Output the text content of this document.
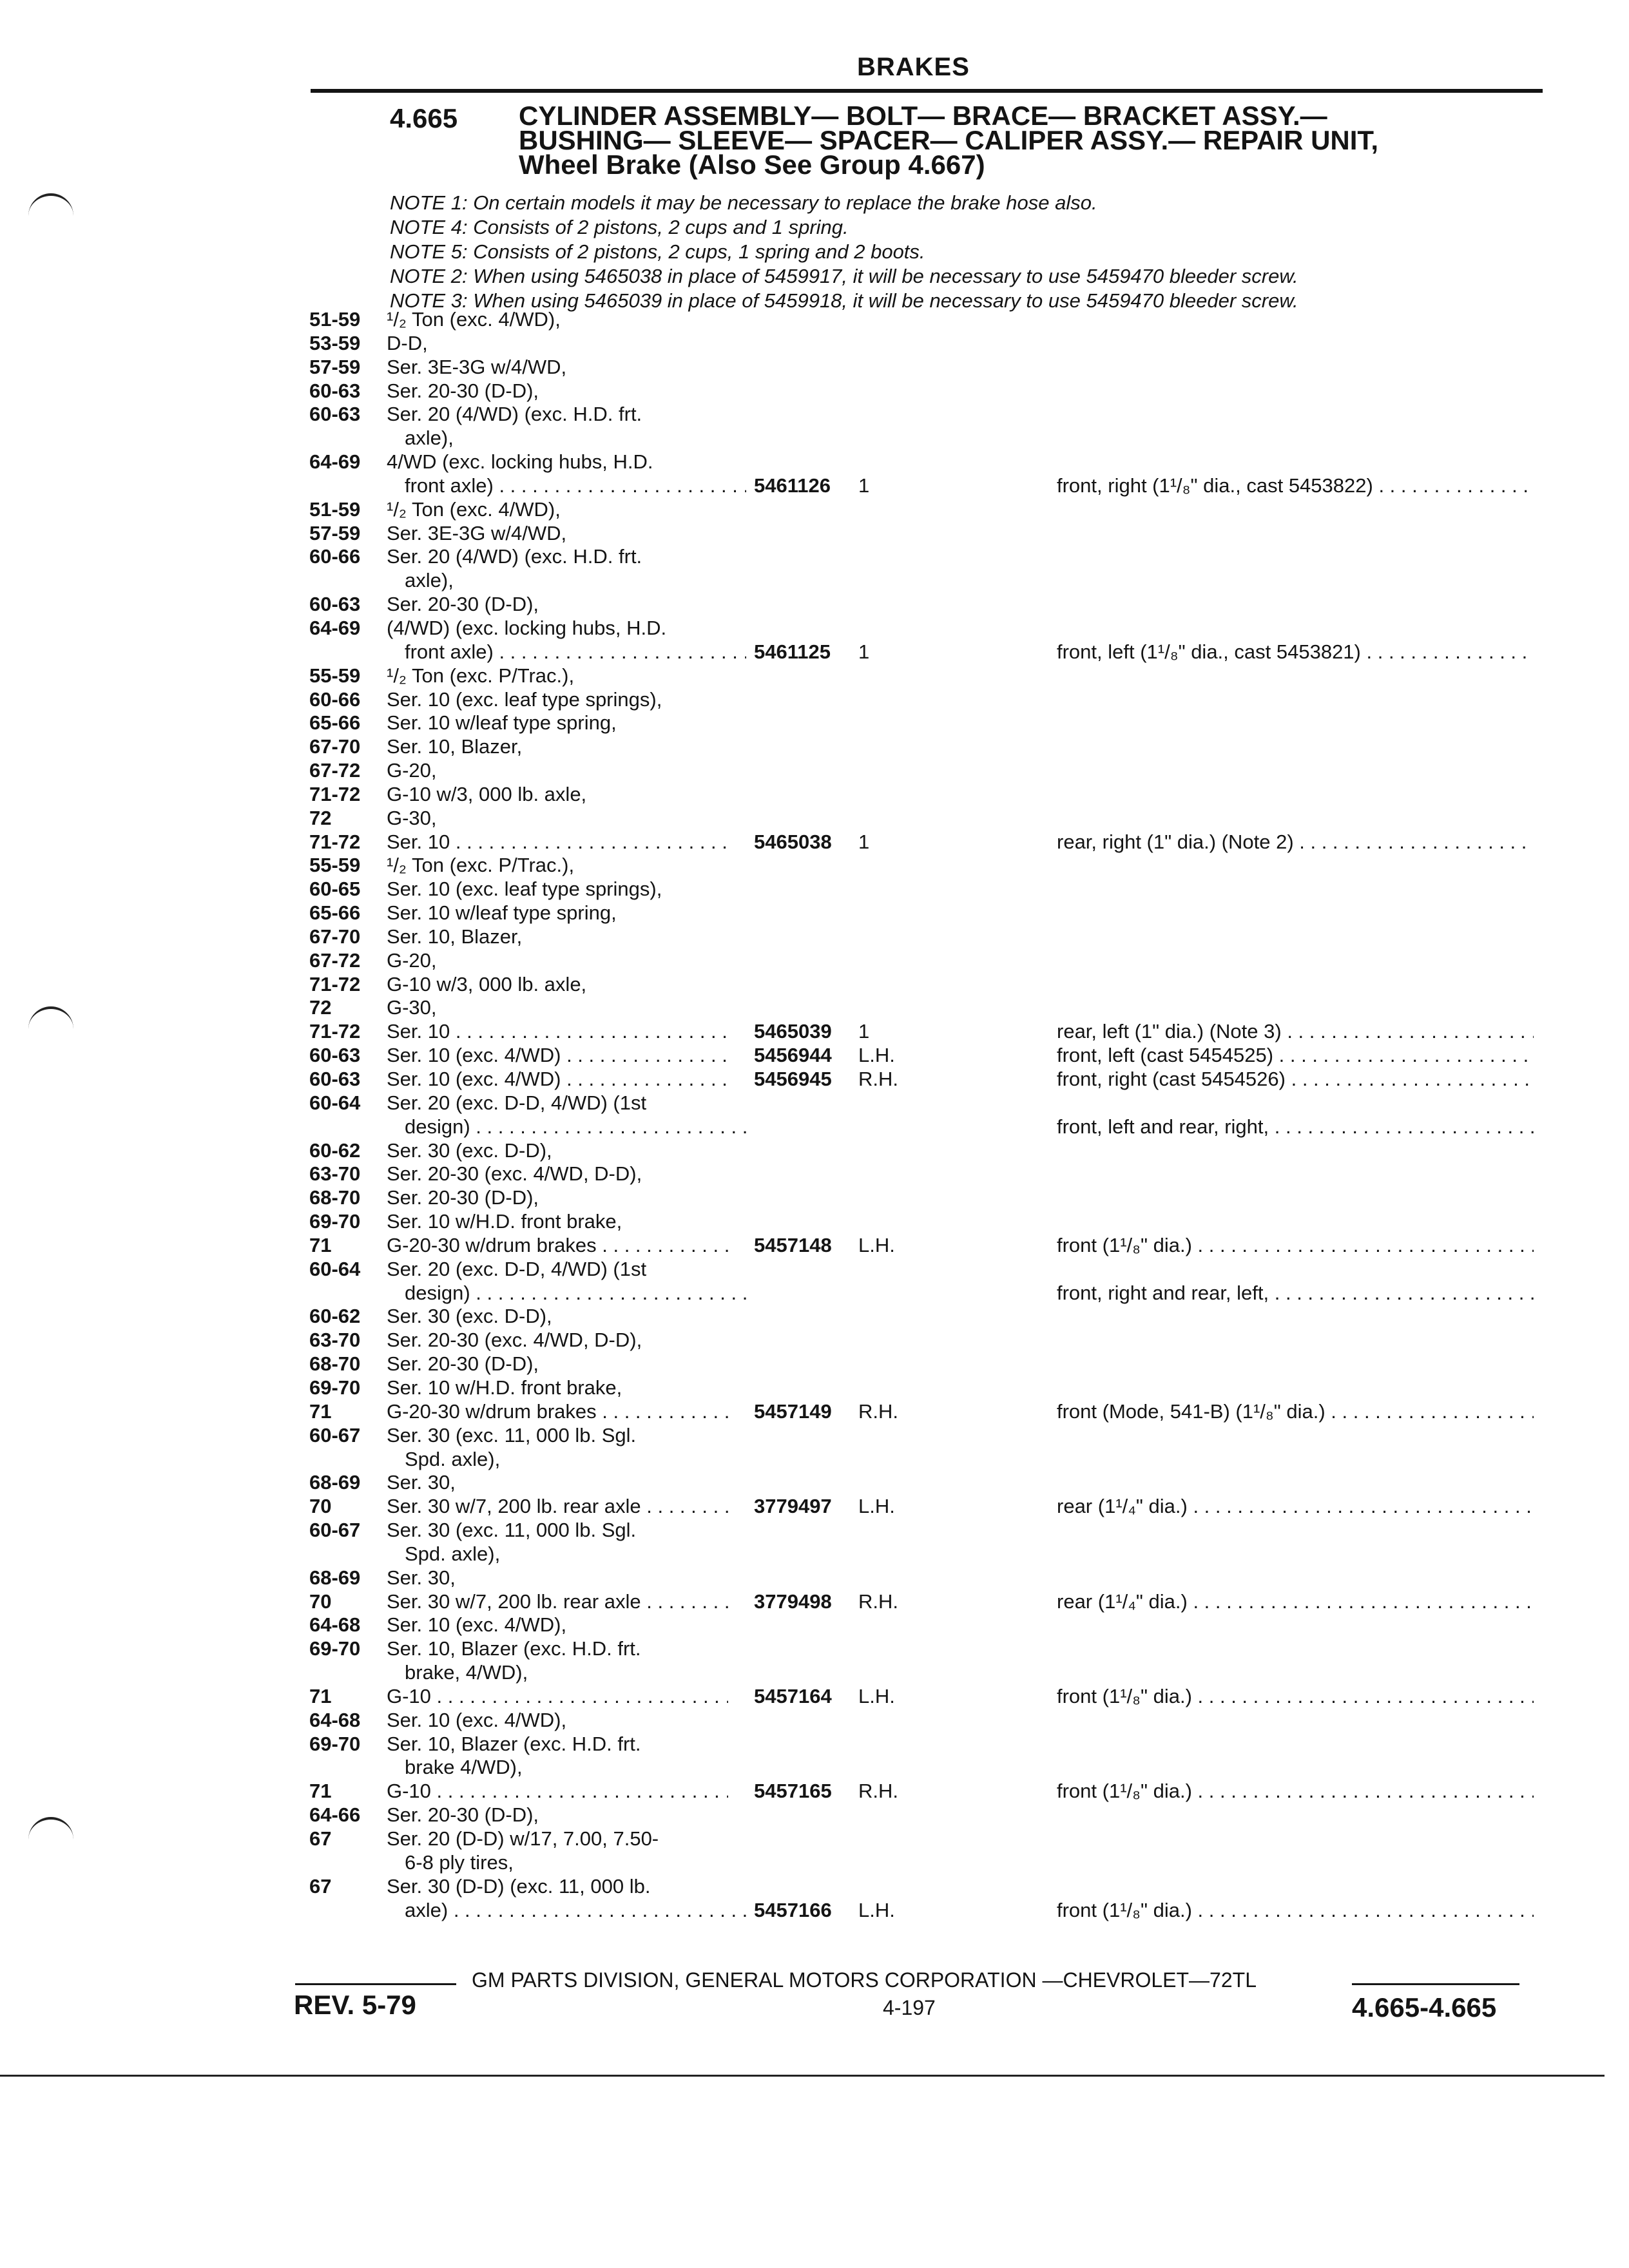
BRAKES
4.665 CYLINDER ASSEMBLY— BOLT— BRACE— BRACKET ASSY.—
BUSHING— SLEEVE— SPACER— CALIPER ASSY.— REPAIR UNIT,
Wheel Brake (Also See Group 4.667)
NOTE 1: On certain models it may be necessary to replace the brake hose also.
NOTE 4: Consists of 2 pistons, 2 cups and 1 spring.
NOTE 5: Consists of 2 pistons, 2 cups, 1 spring and 2 boots.
NOTE 2: When using 5465038 in place of 5459917, it will be necessary to use 5459470 bleeder screw.
NOTE 3: When using 5465039 in place of 5459918, it will be necessary to use 5459470 bleeder screw.
51-59	¹/₂ Ton (exc. 4/WD),
53-59	D-D,
57-59	Ser. 3E-3G w/4/WD,
60-63	Ser. 20-30 (D-D),
60-63	Ser. 20 (4/WD) (exc. H.D. frt.
axle),
64-69	4/WD (exc. locking hubs, H.D.
front axle) . . .	5461126 1	front, right (1¹/₈" dia., cast 5453822) . . .
51-59	¹/₂ Ton (exc. 4/WD),
57-59	Ser. 3E-3G w/4/WD,
60-66	Ser. 20 (4/WD) (exc. H.D. frt.
axle),
60-63	Ser. 20-30 (D-D),
64-69	(4/WD) (exc. locking hubs, H.D.
front axle) . . .	5461125 1	front, left (1¹/₈" dia., cast 5453821) . . .
55-59	¹/₂ Ton (exc. P/Trac.),
60-66	Ser. 10 (exc. leaf type springs),
65-66	Ser. 10 w/leaf type spring,
67-70	Ser. 10, Blazer,
67-72	G-20,
71-72	G-10 w/3, 000 lb. axle,
72	G-30,
71-72	Ser. 10 . . .	5465038 1	rear, right (1" dia.) (Note 2) . . .
55-59	¹/₂ Ton (exc. P/Trac.),
60-65	Ser. 10 (exc. leaf type springs),
65-66	Ser. 10 w/leaf type spring,
67-70	Ser. 10, Blazer,
67-72	G-20,
71-72	G-10 w/3, 000 lb. axle,
72	G-30,
71-72	Ser. 10 . . .	5465039 1	rear, left (1" dia.) (Note 3) . . .
60-63	Ser. 10 (exc. 4/WD) . . .	5456944 L.H.	front, left (cast 5454525) . . .
60-63	Ser. 10 (exc. 4/WD) . . .	5456945 R.H.	front, right (cast 5454526) . . .
60-64	Ser. 20 (exc. D-D, 4/WD) (1st
design) . . .	front, left and rear, right, . . .
60-62	Ser. 30 (exc. D-D),
63-70	Ser. 20-30 (exc. 4/WD, D-D),
68-70	Ser. 20-30 (D-D),
69-70	Ser. 10 w/H.D. front brake,
71	G-20-30 w/drum brakes . . .	5457148 L.H.	front (1¹/₈" dia.) . . .
60-64	Ser. 20 (exc. D-D, 4/WD) (1st
design) . . .	front, right and rear, left, . . .
60-62	Ser. 30 (exc. D-D),
63-70	Ser. 20-30 (exc. 4/WD, D-D),
68-70	Ser. 20-30 (D-D),
69-70	Ser. 10 w/H.D. front brake,
71	G-20-30 w/drum brakes . . .	5457149 R.H.	front (Mode, 541-B) (1¹/₈" dia.) . . .
60-67	Ser. 30 (exc. 11, 000 lb. Sgl.
Spd. axle),
68-69	Ser. 30,
70	Ser. 30 w/7, 200 lb. rear axle . . .	3779497 L.H.	rear (1¹/₄" dia.) . . .
60-67	Ser. 30 (exc. 11, 000 lb. Sgl.
Spd. axle),
68-69	Ser. 30,
70	Ser. 30 w/7, 200 lb. rear axle . . .	3779498 R.H.	rear (1¹/₄" dia.) . . .
64-68	Ser. 10 (exc. 4/WD),
69-70	Ser. 10, Blazer (exc. H.D. frt.
brake, 4/WD),
71	G-10 . . .	5457164 L.H.	front (1¹/₈" dia.) . . .
64-68	Ser. 10 (exc. 4/WD),
69-70	Ser. 10, Blazer (exc. H.D. frt.
brake 4/WD),
71	G-10 . . .	5457165 R.H.	front (1¹/₈" dia.) . . .
64-66	Ser. 20-30 (D-D),
67	Ser. 20 (D-D) w/17, 7.00, 7.50-
6-8 ply tires,
67	Ser. 30 (D-D) (exc. 11, 000 lb.
axle) . . .	5457166 L.H.	front (1¹/₈" dia.) . . .
GM PARTS DIVISION, GENERAL MOTORS CORPORATION —CHEVROLET—72TL
REV. 5-79	4-197	4.665-4.665
